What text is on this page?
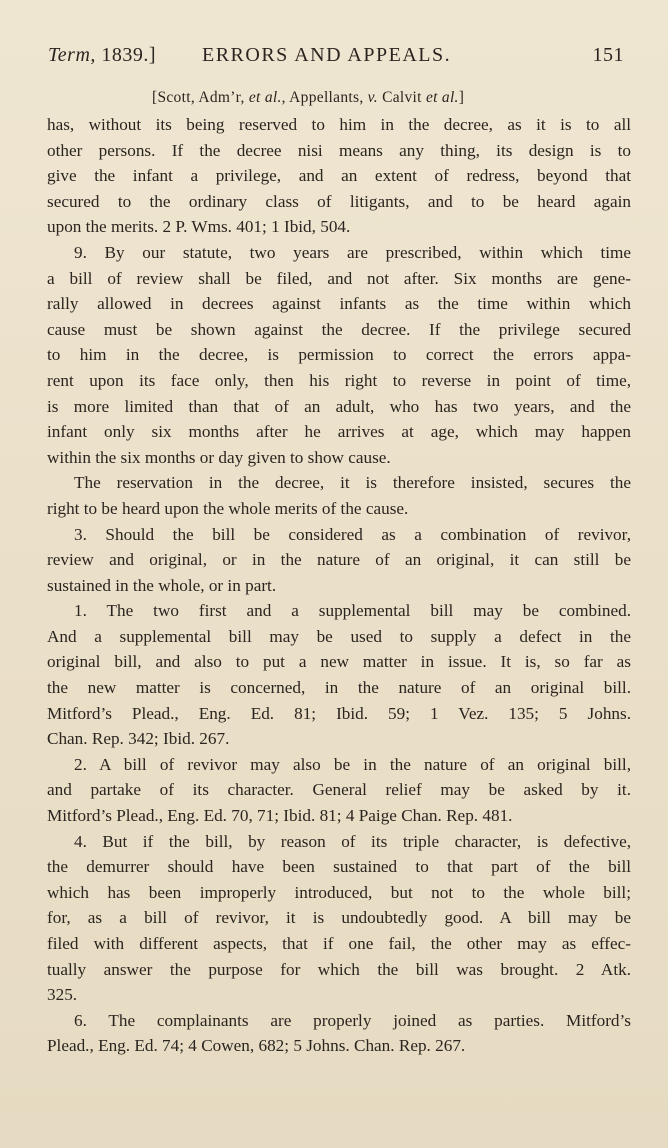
Term, 1839.] ERRORS AND APPEALS.	151
[Scott, Adm’r, et al., Appellants, v. Calvit et al.]
has, without its being reserved to him in the decree, as it is to all
other persons. If the decree nisi means any thing, its design is to
give the infant a privilege, and an extent of redress, beyond that
secured to the ordinary class of litigants, and to be heard again
upon the merits. 2 P. Wms. 401; 1 Ibid, 504.
9. By our statute, two years are prescribed, within which time
a bill of review shall be filed, and not after. Six months are gene-
rally allowed in decrees against infants as the time within which
cause must be shown against the decree. If the privilege secured
to him in the decree, is permission to correct the errors appa-
rent upon its face only, then his right to reverse in point of time,
is more limited than that of an adult, who has two years, and the
infant only six months after he arrives at age, which may happen
within the six months or day given to show cause.
The reservation in the decree, it is therefore insisted, secures the
right to be heard upon the whole merits of the cause.
3. Should the bill be considered as a combination of revivor,
review and original, or in the nature of an original, it can still be
sustained in the whole, or in part.
1. The two first and a supplemental bill may be combined.
And a supplemental bill may be used to supply a defect in the
original bill, and also to put a new matter in issue. It is, so far as
the new matter is concerned, in the nature of an original bill.
Mitford’s Plead., Eng. Ed. 81; Ibid. 59; 1 Vez. 135; 5 Johns.
Chan. Rep. 342; Ibid. 267.
2. A bill of revivor may also be in the nature of an original bill,
and partake of its character. General relief may be asked by it.
Mitford’s Plead., Eng. Ed. 70, 71; Ibid. 81; 4 Paige Chan. Rep. 481.
4. But if the bill, by reason of its triple character, is defective,
the demurrer should have been sustained to that part of the bill
which has been improperly introduced, but not to the whole bill;
for, as a bill of revivor, it is undoubtedly good. A bill may be
filed with different aspects, that if one fail, the other may as effec-
tually answer the purpose for which the bill was brought. 2 Atk.
325.
6. The complainants are properly joined as parties. Mitford’s
Plead., Eng. Ed. 74; 4 Cowen, 682; 5 Johns. Chan. Rep. 267.
